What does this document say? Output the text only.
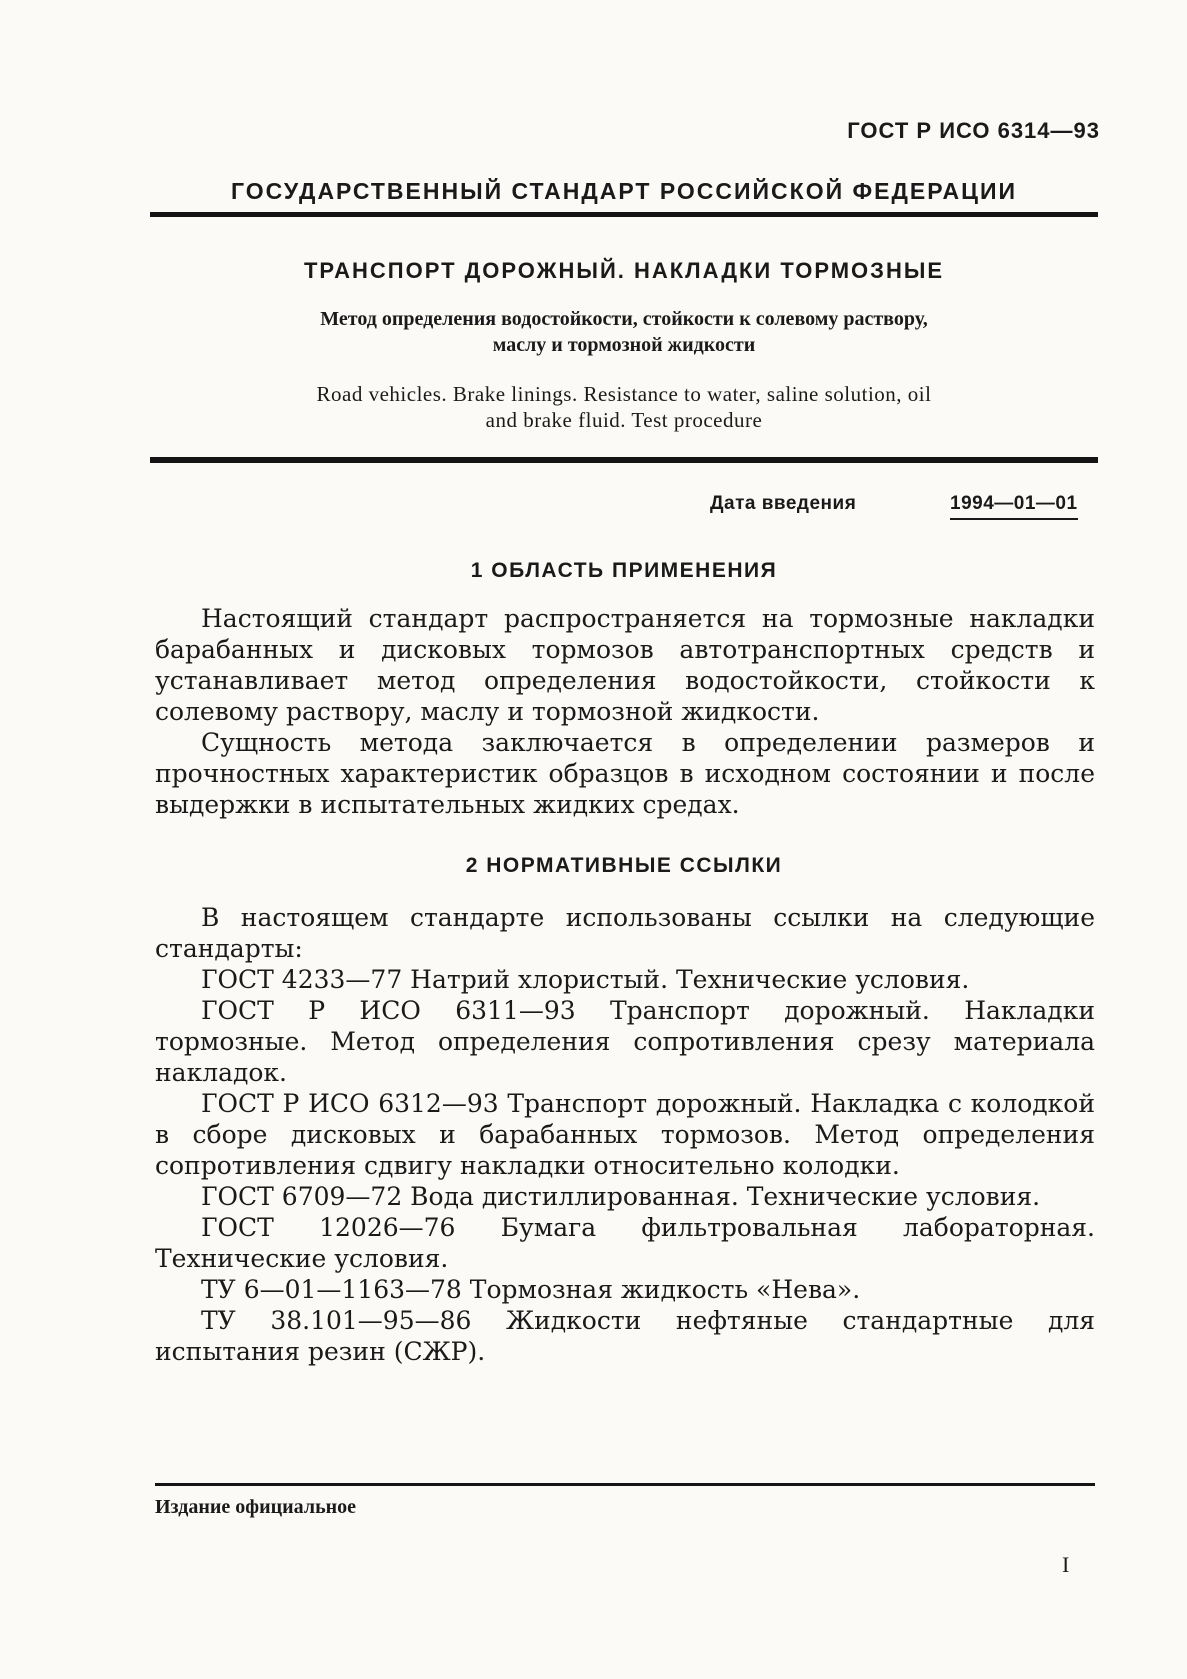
ГОСТ Р ИСО 6314—93
ГОСУДАРСТВЕННЫЙ СТАНДАРТ РОССИЙСКОЙ ФЕДЕРАЦИИ
ТРАНСПОРТ ДОРОЖНЫЙ. НАКЛАДКИ ТОРМОЗНЫЕ
Метод определения водостойкости, стойкости к солевому раствору,
маслу и тормозной жидкости
Road vehicles. Brake linings. Resistance to water, saline solution, oil
and brake fluid. Test procedure
Дата введения	1994—01—01
1 ОБЛАСТЬ ПРИМЕНЕНИЯ

Настоящий стандарт распространяется на тормозные накладки барабанных и дисковых тормозов автотранспортных средств и устанавливает метод определения водостойкости, стойкости к солевому раствору, маслу и тормозной жидкости.

Сущность метода заключается в определении размеров и прочностных характеристик образцов в исходном состоянии и после выдержки в испытательных жидких средах.

2 НОРМАТИВНЫЕ ССЫЛКИ

В настоящем стандарте использованы ссылки на следующие стандарты:

ГОСТ 4233—77 Натрий хлористый. Технические условия.

ГОСТ Р ИСО 6311—93 Транспорт дорожный. Накладки тормозные. Метод определения сопротивления срезу материала накладок.

ГОСТ Р ИСО 6312—93 Транспорт дорожный. Накладка с колодкой в сборе дисковых и барабанных тормозов. Метод определения сопротивления сдвигу накладки относительно колодки.

ГОСТ 6709—72 Вода дистиллированная. Технические условия.

ГОСТ 12026—76 Бумага фильтровальная лабораторная. Технические условия.

ТУ 6—01—1163—78 Тормозная жидкость «Нева».

ТУ 38.101—95—86 Жидкости нефтяные стандартные для испытания резин (СЖР).

Издание официальное
I
